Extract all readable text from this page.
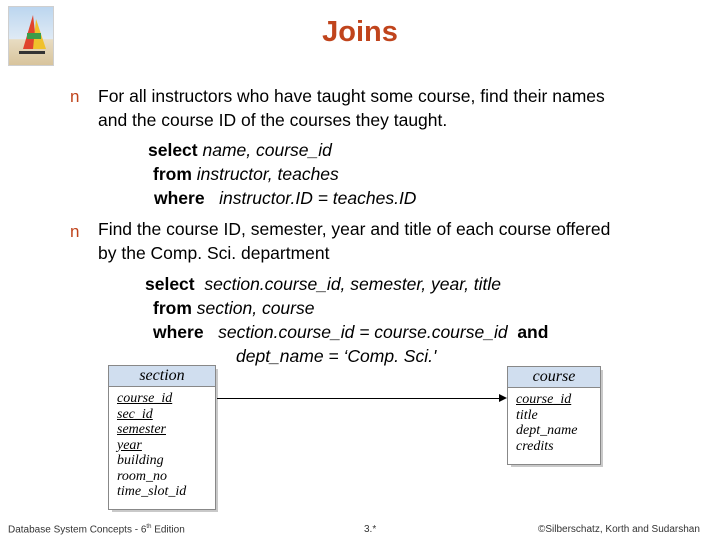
Joins
n For all instructors who have taught some course, find their names
and the course ID of the courses they taught.
select name, course_id
from instructor, teaches
where instructor.ID = teaches.ID
n Find the course ID, semester, year and title of each course offered
by the Comp. Sci. department
select section.course_id, semester, year, title
from section, course
where section.course_id = course.course_id and
dept_name = ‘Comp. Sci.'
section
course_id
sec_id
semester
year
building
room_no
time_slot_id
course
course_id
title
dept_name
credits
Database System Concepts - 6th Edition	3.*	©Silberschatz, Korth and Sudarshan
